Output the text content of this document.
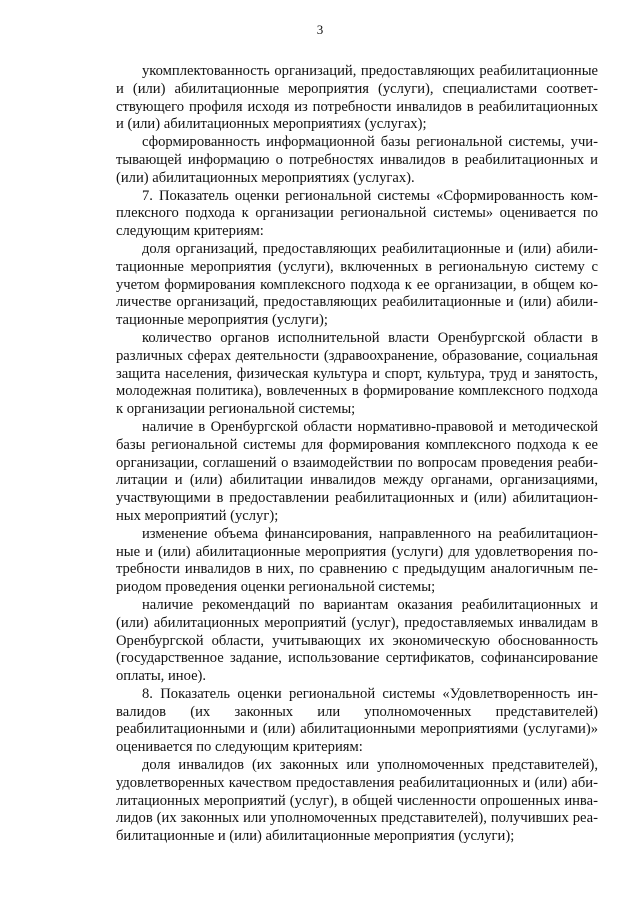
3

укомплектованность организаций, предоставляющих реабилитационные и (или) абилитационные мероприятия (услуги), специалистами соответствующего профиля исходя из потребности инвалидов в реабилитационных и (или) абилитационных мероприятиях (услугах);

сформированность информационной базы региональной системы, учитывающей информацию о потребностях инвалидов в реабилитационных и (или) абилитационных мероприятиях (услугах).

7. Показатель оценки региональной системы «Сформированность комплексного подхода к организации региональной системы» оценивается по следующим критериям:

доля организаций, предоставляющих реабилитационные и (или) абилитационные мероприятия (услуги), включенных в региональную систему с учетом формирования комплексного подхода к ее организации, в общем количестве организаций, предоставляющих реабилитационные и (или) абилитационные мероприятия (услуги);

количество органов исполнительной власти Оренбургской области в различных сферах деятельности (здравоохранение, образование, социальная защита населения, физическая культура и спорт, культура, труд и занятость, молодежная политика), вовлеченных в формирование комплексного подхода к организации региональной системы;

наличие в Оренбургской области нормативно-правовой и методической базы региональной системы для формирования комплексного подхода к ее организации, соглашений о взаимодействии по вопросам проведения реабилитации и (или) абилитации инвалидов между органами, организациями, участвующими в предоставлении реабилитационных и (или) абилитационных мероприятий (услуг);

изменение объема финансирования, направленного на реабилитационные и (или) абилитационные мероприятия (услуги) для удовлетворения потребности инвалидов в них, по сравнению с предыдущим аналогичным периодом проведения оценки региональной системы;

наличие рекомендаций по вариантам оказания реабилитационных и (или) абилитационных мероприятий (услуг), предоставляемых инвалидам в Оренбургской области, учитывающих их экономическую обоснованность (государственное задание, использование сертификатов, софинансирование оплаты, иное).

8. Показатель оценки региональной системы «Удовлетворенность инвалидов (их законных или уполномоченных представителей) реабилитационными и (или) абилитационными мероприятиями (услугами)» оценивается по следующим критериям:

доля инвалидов (их законных или уполномоченных представителей), удовлетворенных качеством предоставления реабилитационных и (или) абилитационных мероприятий (услуг), в общей численности опрошенных инвалидов (их законных или уполномоченных представителей), получивших реабилитационные и (или) абилитационные мероприятия (услуги);
